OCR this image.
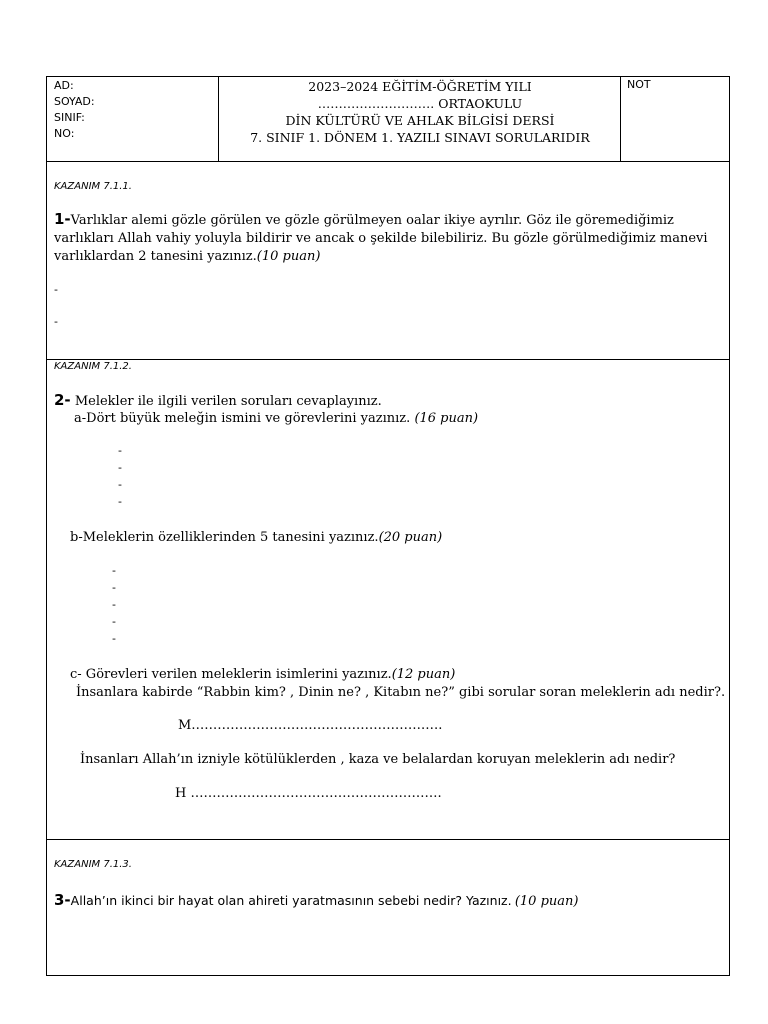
AD:
SOYAD:
SINIF:
NO:
2023–2024 EĞİTİM-ÖĞRETİM YILI
………………………. ORTAOKULU
DİN KÜLTÜRÜ VE AHLAK BİLGİSİ DERSİ
7. SINIF 1. DÖNEM 1. YAZILI SINAVI SORULARIDIR
NOT
KAZANIM 7.1.1.
1-Varlıklar alemi gözle görülen ve gözle görülmeyen oalar ikiye ayrılır. Göz ile göremediğimiz varlıkları Allah vahiy yoluyla bildirir ve ancak o şekilde bilebiliriz. Bu gözle görülmediğimiz manevi varlıklardan 2 tanesini yazınız.(10 puan)
-
-
KAZANIM 7.1.2.
2- Melekler ile ilgili verilen soruları cevaplayınız.
a-Dört büyük meleğin ismini ve görevlerini yazınız. (16 puan)
-
-
-
-
b-Meleklerin özelliklerinden 5 tanesini yazınız.(20 puan)
-
-
-
-
-
c- Görevleri verilen meleklerin isimlerini yazınız.(12 puan)
İnsanlara kabirde “Rabbin kim? , Dinin ne? , Kitabın ne?” gibi sorular soran meleklerin adı nedir?.
M………………………………………………….
İnsanları Allah’ın izniyle kötülüklerden , kaza ve belalardan koruyan meleklerin adı nedir?
H ………………………………………………….
KAZANIM 7.1.3.
3-Allah’ın ikinci bir hayat olan ahireti yaratmasının sebebi nedir? Yazınız. (10 puan)
